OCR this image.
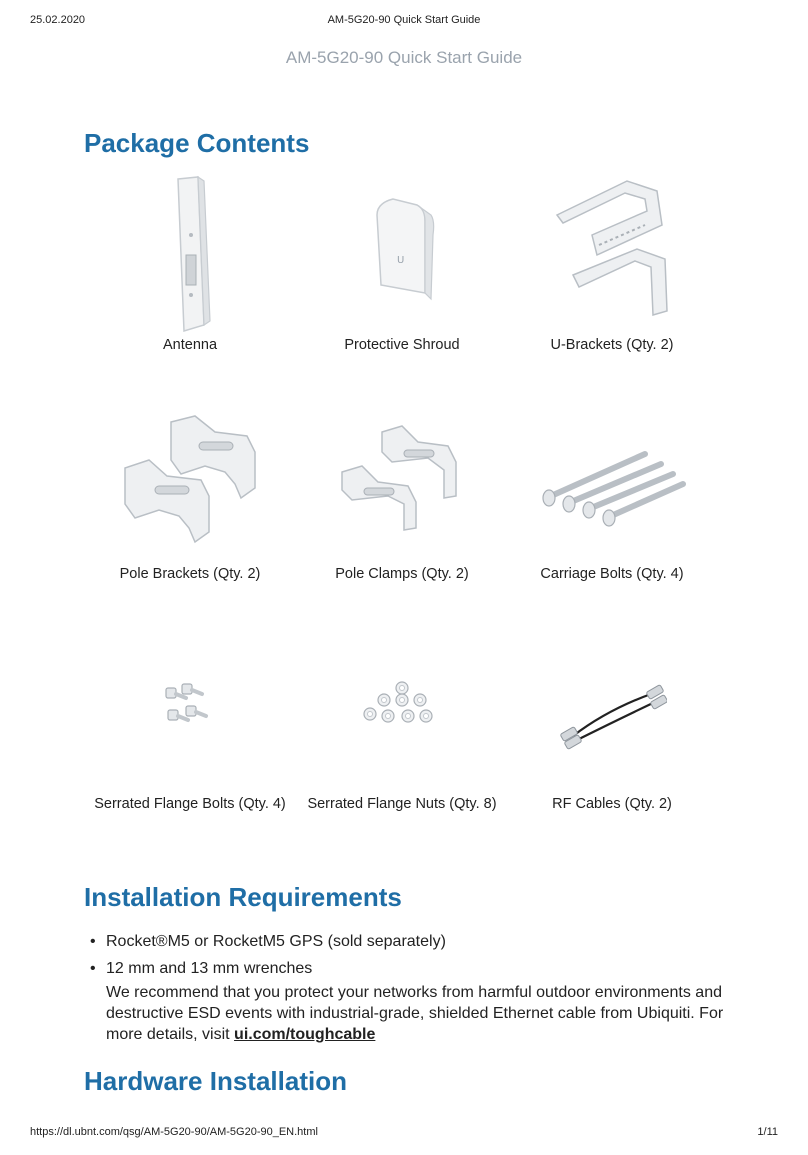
25.02.2020	AM-5G20-90 Quick Start Guide
AM-5G20-90 Quick Start Guide
Package Contents
Antenna
U
Protective Shroud	U-Brackets (Qty. 2)
Pole Brackets (Qty. 2)	Pole Clamps (Qty. 2)	Carriage Bolts (Qty. 4)
Serrated Flange Bolts (Qty. 4)	Serrated Flange Nuts (Qty. 8)	RF Cables (Qty. 2)
Installation Requirements
• Rocket®M5 or RocketM5 GPS (sold separately)
• 12 mm and 13 mm wrenches
We recommend that you protect your networks from harmful outdoor environments and destructive ESD events with industrial-grade, shielded Ethernet cable from Ubiquiti. For more details, visit ui.com/toughcable
Hardware Installation
https://dl.ubnt.com/qsg/AM-5G20-90/AM-5G20-90_EN.html	1/11
